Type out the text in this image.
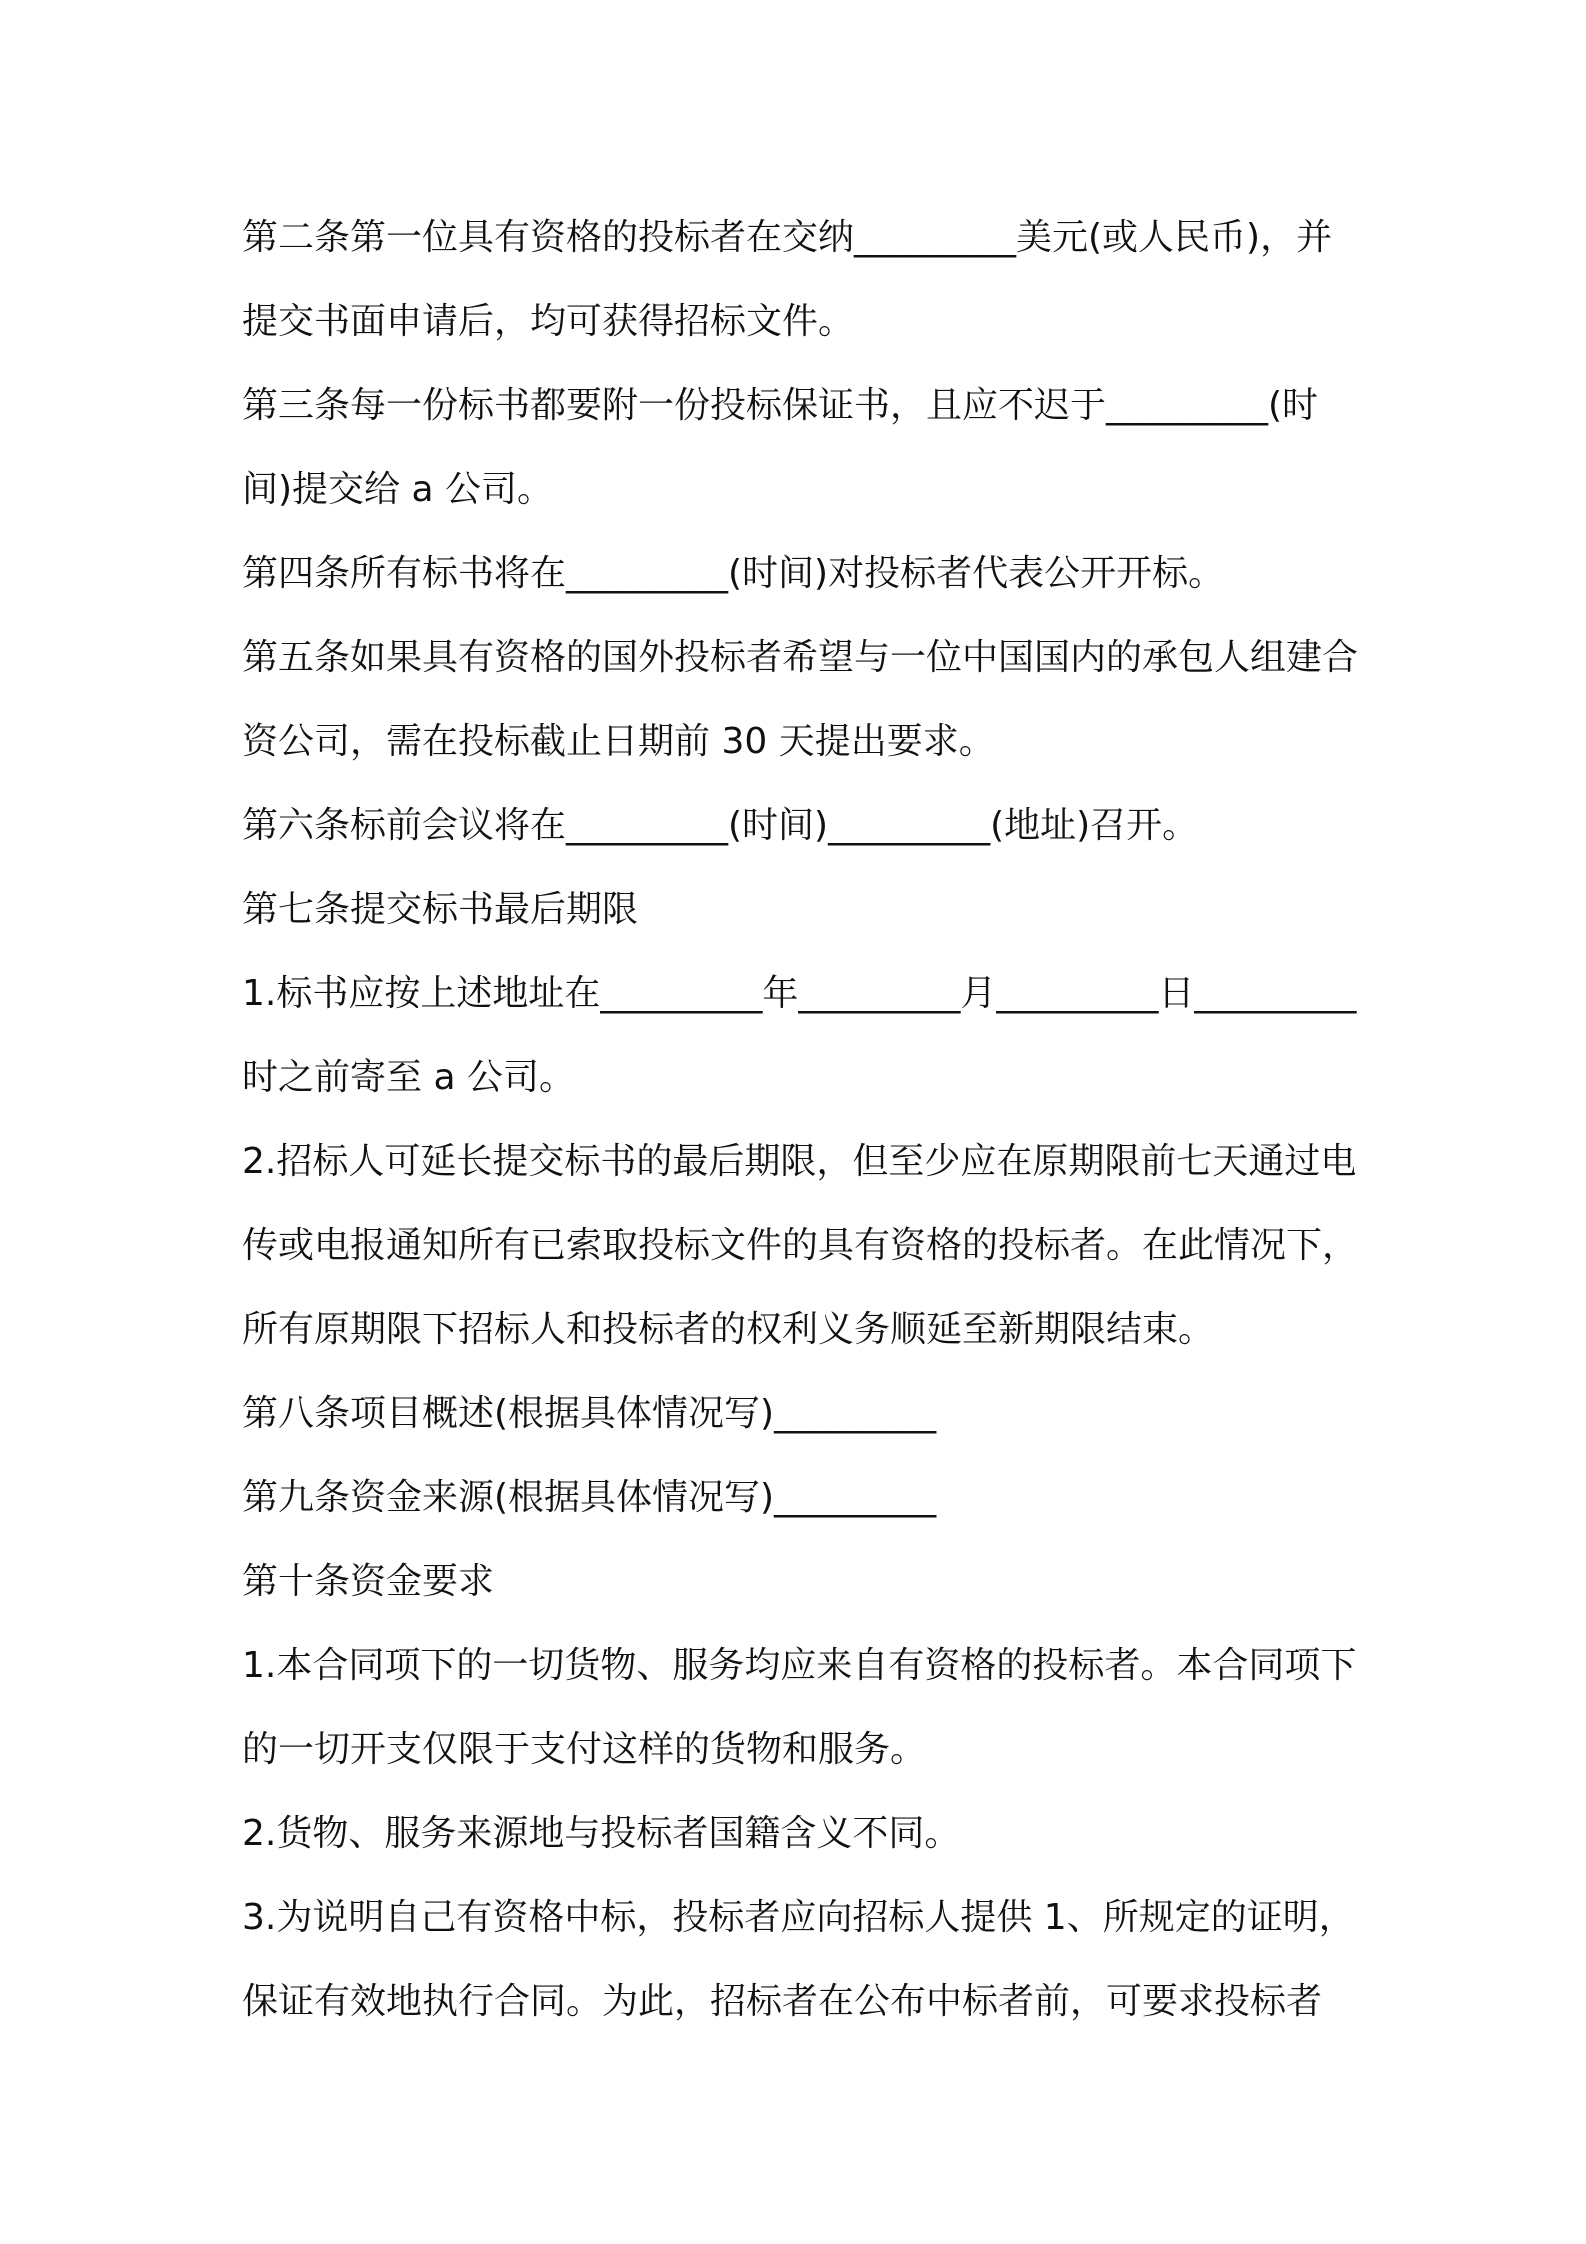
第二条第一位具有资格的投标者在交纳_________美元(或人民币)，并提交书面申请后，均可获得招标文件。

第三条每一份标书都要附一份投标保证书，且应不迟于_________(时间)提交给 a 公司。

第四条所有标书将在_________(时间)对投标者代表公开开标。

第五条如果具有资格的国外投标者希望与一位中国国内的承包人组建合资公司，需在投标截止日期前 30 天提出要求。

第六条标前会议将在_________(时间)_________(地址)召开。

第七条提交标书最后期限

1.标书应按上述地址在_________年_________月_________日_________时之前寄至 a 公司。

2.招标人可延长提交标书的最后期限，但至少应在原期限前七天通过电传或电报通知所有已索取投标文件的具有资格的投标者。在此情况下，所有原期限下招标人和投标者的权利义务顺延至新期限结束。

第八条项目概述(根据具体情况写)_________

第九条资金来源(根据具体情况写)_________

第十条资金要求

1.本合同项下的一切货物、服务均应来自有资格的投标者。本合同项下的一切开支仅限于支付这样的货物和服务。

2.货物、服务来源地与投标者国籍含义不同。

3.为说明自己有资格中标，投标者应向招标人提供 1、所规定的证明，保证有效地执行合同。为此，招标者在公布中标者前，可要求投标者
